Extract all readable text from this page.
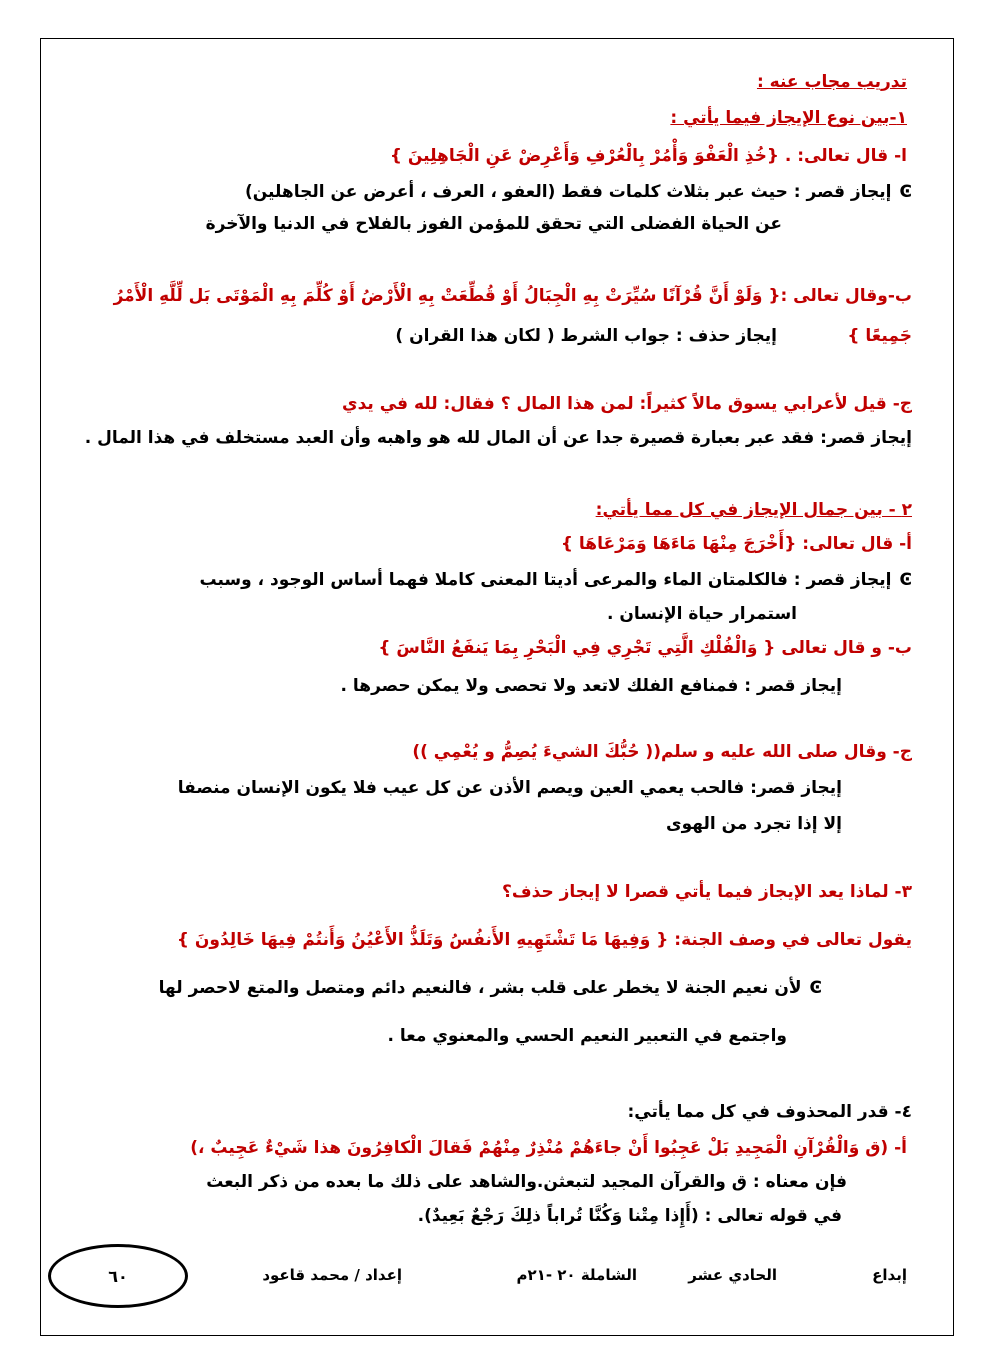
تدريب مجاب عنه :
١-بين نوع الإيجاز فيما يأتي :
ا- قال تعالى: . {خُذِ الْعَفْوَ وَأْمُرْ بِالْعُرْفِ وَأَعْرِضْ عَنِ الْجَاهِلِينَ }
Ͼإيجاز قصر : حيث عبر بثلاث كلمات فقط (العفو ، العرف ، أعرض عن الجاهلين)
عن الحياة الفضلى التي تحقق للمؤمن الفوز بالفلاح في الدنيا والآخرة
ب-وقال تعالى :{ وَلَوْ أَنَّ قُرْآنًا سُيِّرَتْ بِهِ الْجِبَالُ أَوْ قُطِّعَتْ بِهِ الْأَرْضُ أَوْ كُلِّمَ بِهِ الْمَوْتَى بَل لِّلَّهِ الْأَمْرُ
جَمِيعًا }
إيجاز حذف : جواب الشرط ( لكان هذا القران )
ج- قيل لأعرابي يسوق مالاً كثيراً: لمن هذا المال ؟ فقال: لله في يدي
إيجاز قصر: فقد عبر بعبارة قصيرة جدا عن أن المال لله هو واهبه وأن العبد مستخلف في هذا المال .
٢ - بين جمال الإيجاز في كل مما يأتي:
أ- قال تعالى: {أَخْرَجَ مِنْهَا مَاءَهَا وَمَرْعَاهَا }
Ͼإيجاز قصر : فالكلمتان الماء والمرعى أديتا المعنى كاملا فهما أساس الوجود ، وسبب
استمرار حياة الإنسان .
ب- و قال تعالى { وَالْفُلْكِ الَّتِي تَجْرِي فِي الْبَحْرِ بِمَا يَنفَعُ النَّاسَ }
إيجاز قصر : فمنافع الفلك لاتعد ولا تحصى ولا يمكن حصرها .
ج- وقال صلى الله عليه و سلم(( حُبُّكَ الشيءَ يُصِمُّ و يُعْمِي ))
إيجاز قصر: فالحب يعمي العين ويصم الأذن عن كل عيب فلا يكون الإنسان منصفا
إلا إذا تجرد من الهوى
٣- لماذا يعد الإيجاز فيما يأتي قصرا لا إيجاز حذف؟
يقول تعالى في وصف الجنة: { وَفِيهَا مَا تَشْتَهِيهِ الأَنفُسُ وَتَلَذُّ الأَعْيُنُ وَأَنتُمْ فِيهَا خَالِدُونَ }
Ͼلأن نعيم الجنة لا يخطر على قلب بشر ، فالنعيم دائم ومتصل والمتع لاحصر لها
واجتمع في التعبير النعيم الحسي والمعنوي معا .
٤- قدر المحذوف في كل مما يأتي:
أ- (ق وَالْقُرْآنِ الْمَجِيدِ بَلْ عَجِبُوا أَنْ جاءَهُمْ مُنْذِرٌ مِنْهُمْ فَقالَ الْكافِرُونَ هذا شَيْءٌ عَجِيبٌ ،)
فإن معناه : ق والقرآن المجيد لتبعثن.والشاهد على ذلك ما بعده من ذكر البعث
في قوله تعالى : (أَإِذا مِتْنا وَكُنَّا تُراباً ذلِكَ رَجْعٌ بَعِيدٌ).
إبداع
الحادي عشر
الشاملة ٢٠ -٢١م
إعداد / محمد قاعود
٦٠
